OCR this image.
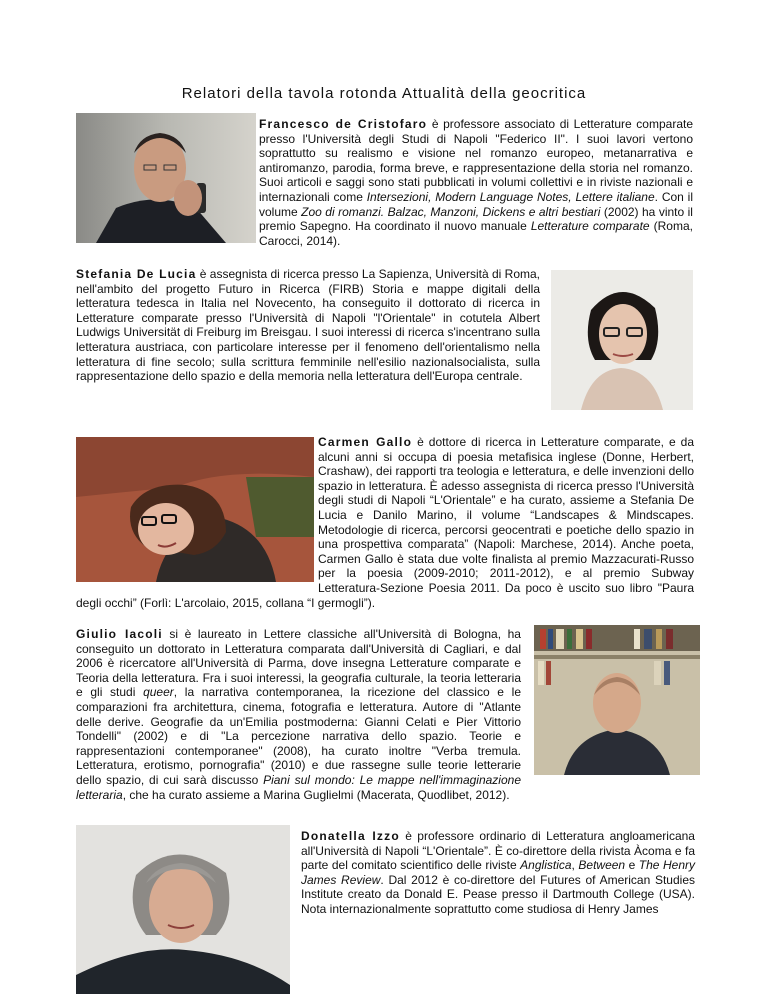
Relatori della tavola rotonda Attualità della geocritica

Francesco de Cristofaro è professore associato di Letterature comparate presso l'Università degli Studi di Napoli "Federico II". I suoi lavori vertono soprattutto su realismo e visione nel romanzo europeo, metanarrativa e antiromanzo, parodia, forma breve, e rappresentazione della storia nel romanzo. Suoi articoli e saggi sono stati pubblicati in volumi collettivi e in riviste nazionali e internazionali come Intersezioni, Modern Language Notes, Lettere italiane. Con il volume Zoo di romanzi. Balzac, Manzoni, Dickens e altri bestiari (2002) ha vinto il premio Sapegno. Ha coordinato il nuovo manuale Letterature comparate (Roma, Carocci, 2014).

Stefania De Lucia è assegnista di ricerca presso La Sapienza, Università di Roma, nell'ambito del progetto Futuro in Ricerca (FIRB) Storia e mappe digitali della letteratura tedesca in Italia nel Novecento, ha conseguito il dottorato di ricerca in Letterature comparate presso l'Università di Napoli "l'Orientale" in cotutela Albert Ludwigs Universität di Freiburg im Breisgau. I suoi interessi di ricerca s'incentrano sulla letteratura austriaca, con particolare interesse per il fenomeno dell'orientalismo nella letteratura di fine secolo; sulla scrittura femminile nell'esilio nazionalsocialista, sulla rappresentazione dello spazio e della memoria nella letteratura dell'Europa centrale.

Carmen Gallo è dottore di ricerca in Letterature comparate, e da alcuni anni si occupa di poesia metafisica inglese (Donne, Herbert, Crashaw), dei rapporti tra teologia e letteratura, e delle invenzioni dello spazio in letteratura. È adesso assegnista di ricerca presso l'Università degli studi di Napoli “L'Orientale” e ha curato, assieme a Stefania De Lucia e Danilo Marino, il volume “Landscapes & Mindscapes. Metodologie di ricerca, percorsi geocentrati e poetiche dello spazio in una prospettiva comparata” (Napoli: Marchese, 2014). Anche poeta, Carmen Gallo è stata due volte finalista al premio Mazzacurati-Russo per la poesia (2009-2010; 2011-2012), e al premio Subway Letteratura-Sezione Poesia 2011. Da poco è uscito suo libro "Paura degli occhi” (Forlì: L'arcolaio, 2015, collana “I germogli”).

Giulio Iacoli si è laureato in Lettere classiche all'Università di Bologna, ha conseguito un dottorato in Letteratura comparata dall'Università di Cagliari, e dal 2006 è ricercatore all'Università di Parma, dove insegna Letterature comparate e Teoria della letteratura. Fra i suoi interessi, la geografia culturale, la teoria letteraria e gli studi queer, la narrativa contemporanea, la ricezione del classico e le comparazioni fra architettura, cinema, fotografia e letteratura. Autore di "Atlante delle derive. Geografie da un'Emilia postmoderna: Gianni Celati e Pier Vittorio Tondelli" (2002) e di "La percezione narrativa dello spazio. Teorie e rappresentazioni contemporanee" (2008), ha curato inoltre "Verba tremula. Letteratura, erotismo, pornografia" (2010) e due rassegne sulle teorie letterarie dello spazio, di cui sarà discusso Piani sul mondo: Le mappe nell'immaginazione letteraria, che ha curato assieme a Marina Guglielmi (Macerata, Quodlibet, 2012).

Donatella Izzo è professore ordinario di Letteratura angloamericana all'Università di Napoli “L'Orientale”. È co-direttore della rivista Àcoma e fa parte del comitato scientifico delle riviste Anglistica, Between e The Henry James Review. Dal 2012 è co-direttore del Futures of American Studies Institute creato da Donald E. Pease presso il Dartmouth College (USA). Nota internazionalmente soprattutto come studiosa di Henry James
